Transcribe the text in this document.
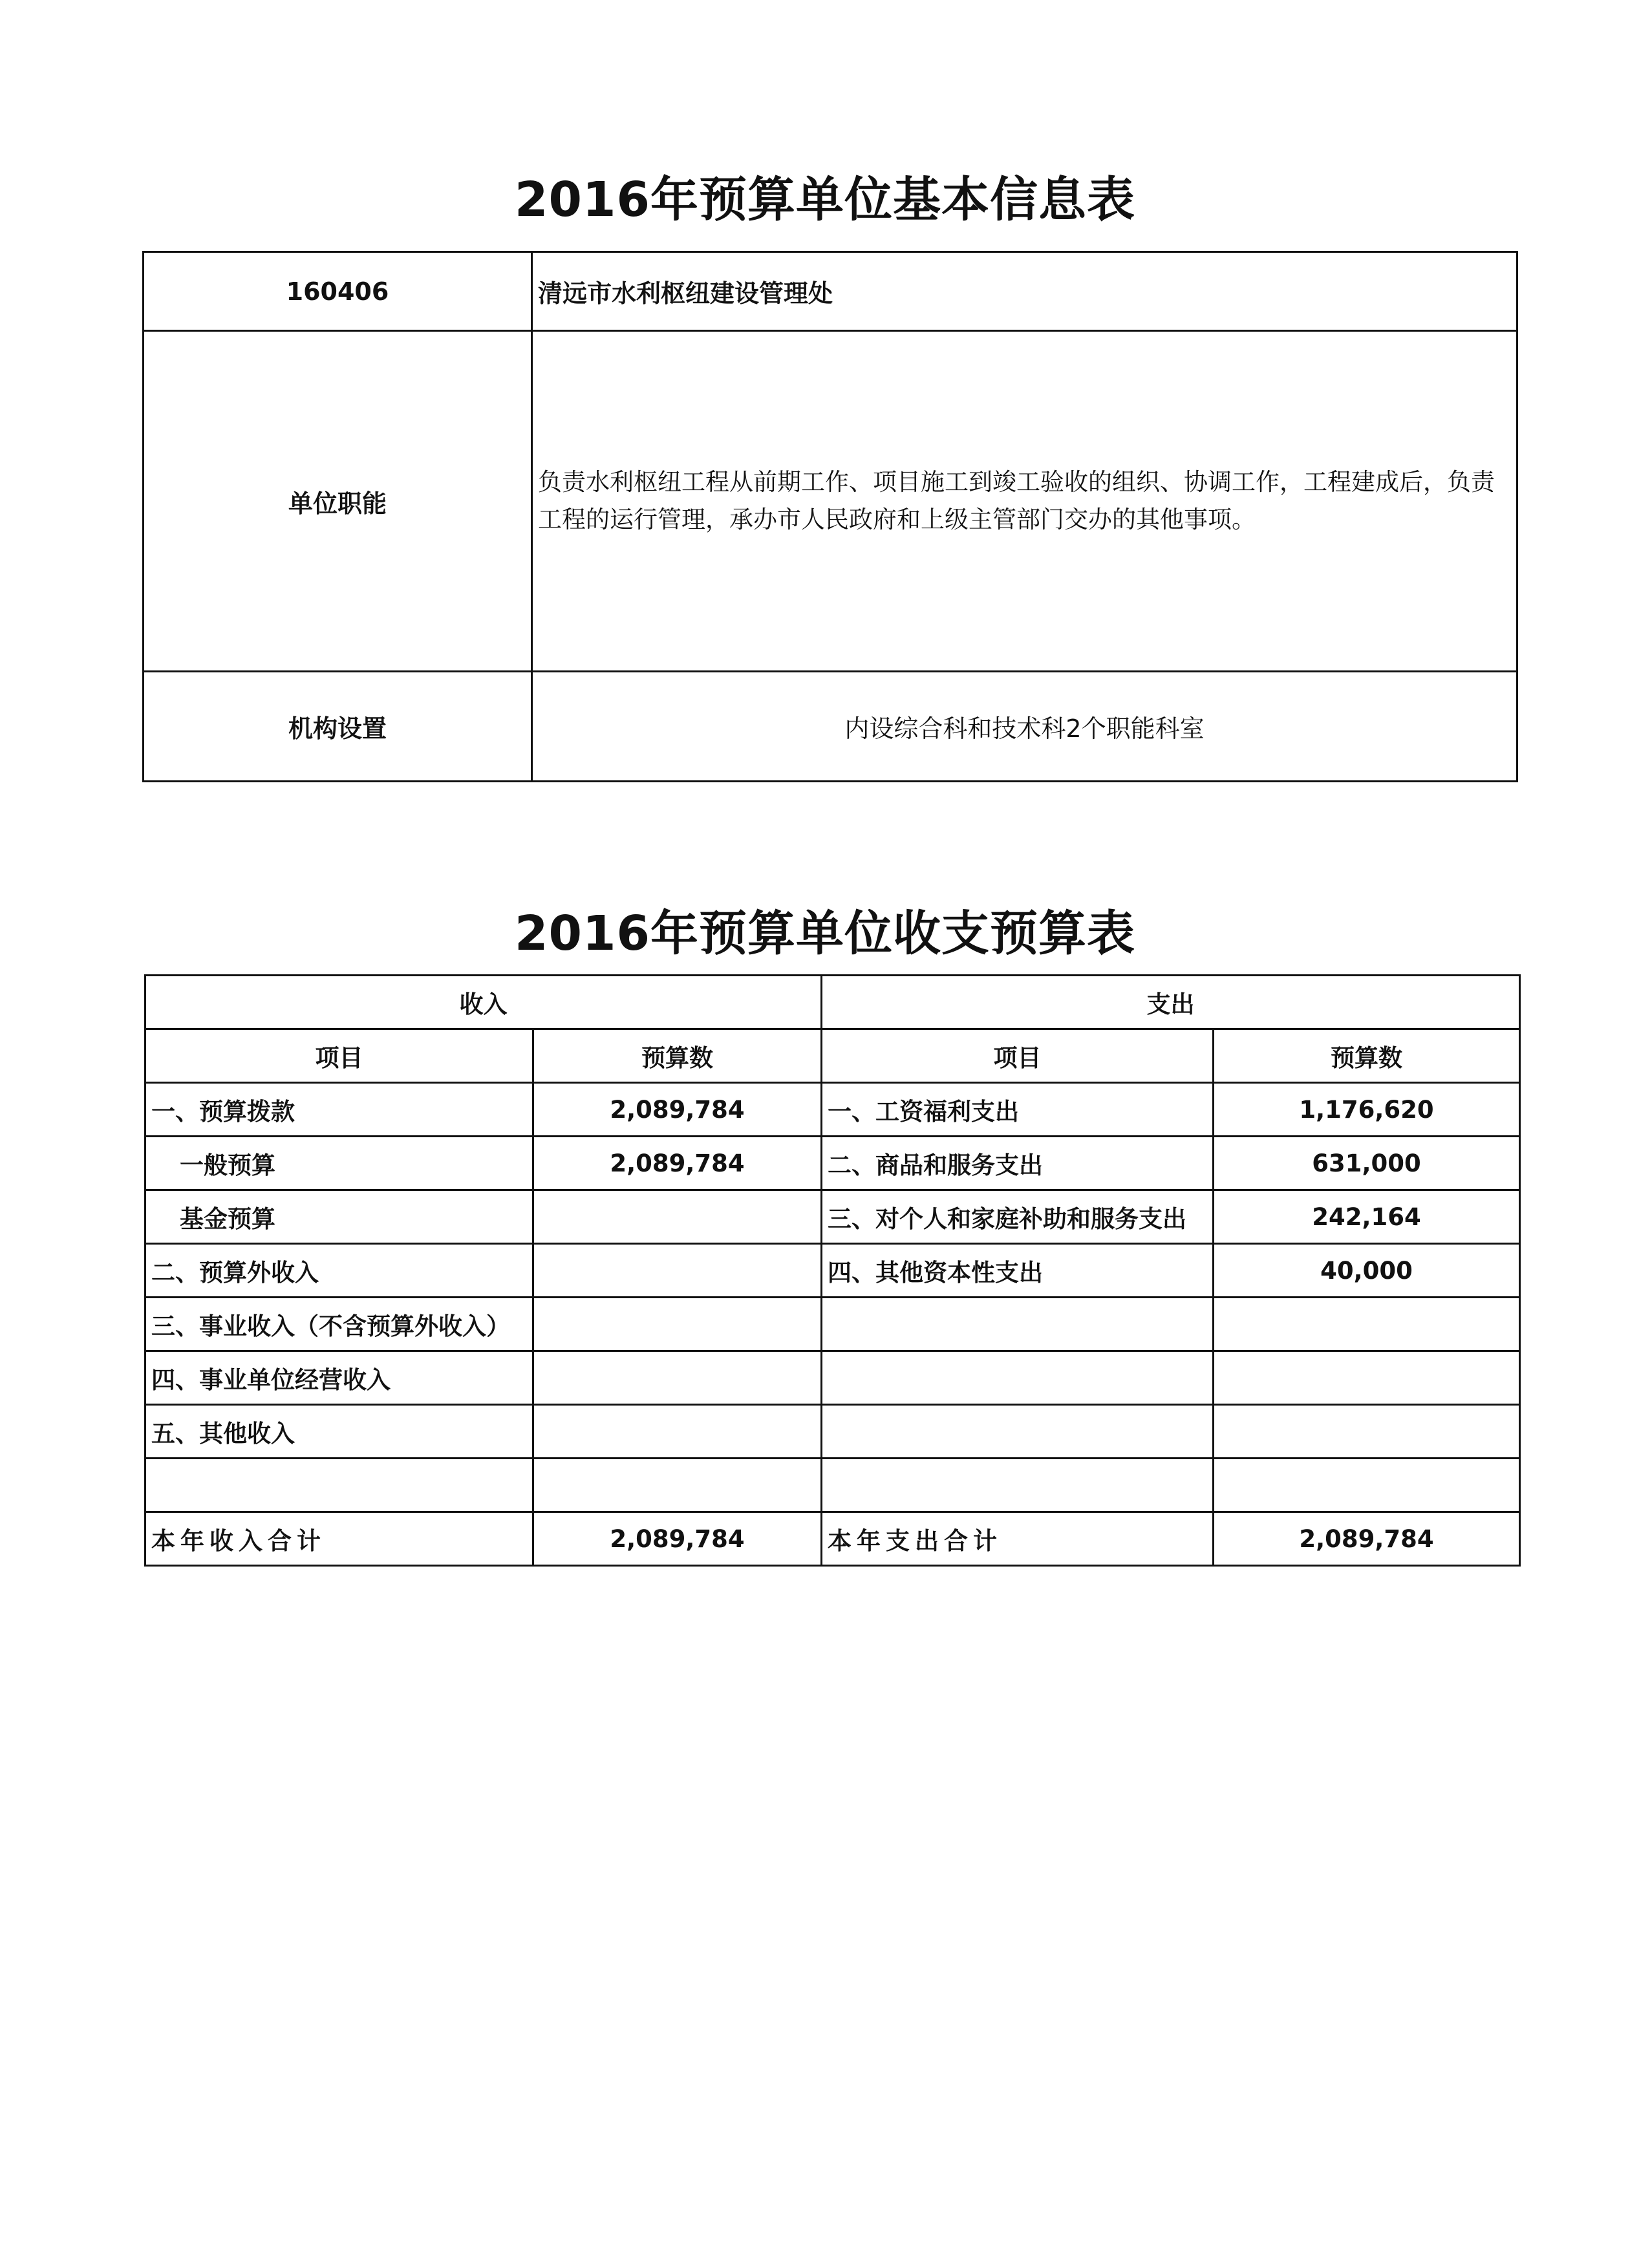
2016年预算单位基本信息表
160406	清远市水利枢纽建设管理处
单位职能	负责水利枢纽工程从前期工作、项目施工到竣工验收的组织、协调工作，工程建成后，负责工程的运行管理，承办市人民政府和上级主管部门交办的其他事项。
机构设置	内设综合科和技术科2个职能科室
2016年预算单位收支预算表
收入		支出	
项目	预算数	项目	预算数
一、预算拨款	2,089,784	一、工资福利支出	1,176,620
一般预算	2,089,784	二、商品和服务支出	631,000
基金预算		三、对个人和家庭补助和服务支出	242,164
二、预算外收入		四、其他资本性支出	40,000
三、事业收入（不含预算外收入）			
四、事业单位经营收入			
五、其他收入			

本年收入合计	2,089,784	本年支出合计	2,089,784
